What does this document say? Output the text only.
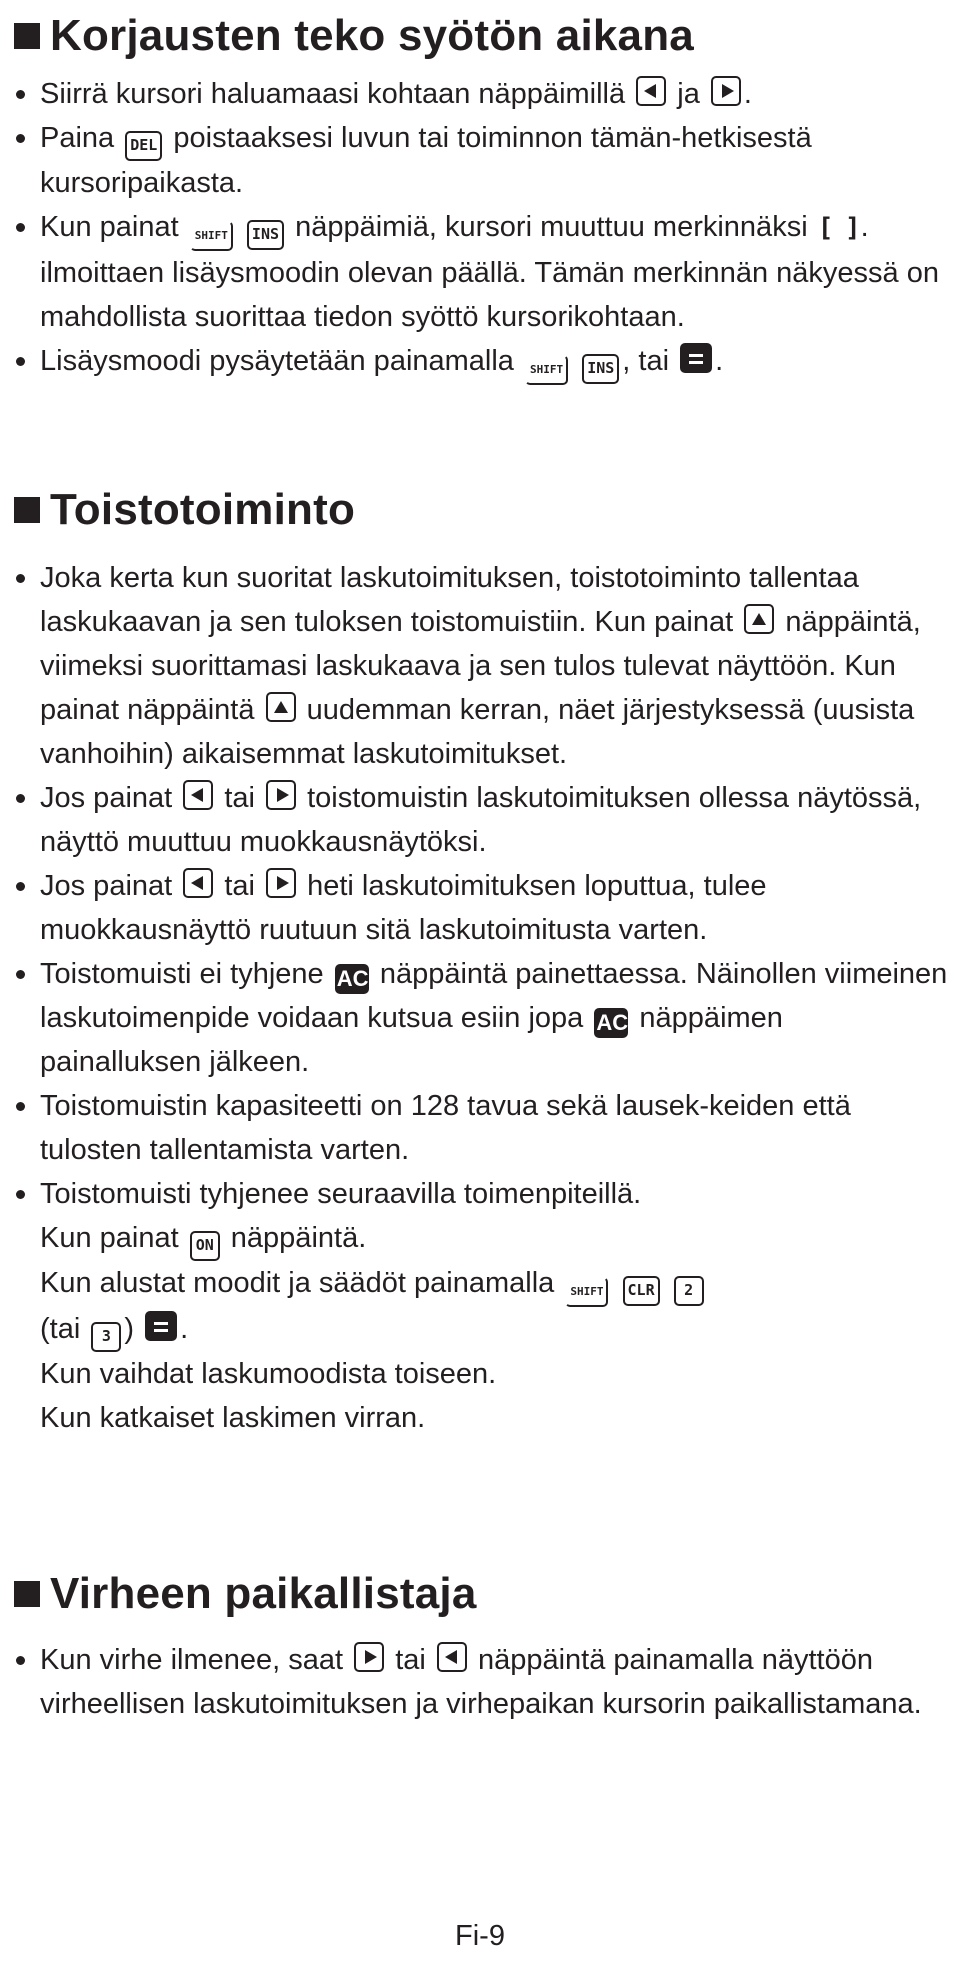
Korjausten teko syötön aikana
Siirrä kursori haluamaasi kohtaan näppäimillä ja .
Paina DEL poistaaksesi luvun tai toiminnon tämän-hetkisestä kursoripaikasta.
Kun painat SHIFT INS näppäimiä, kursori muuttuu merkinnäksi [ ]. ilmoittaen lisäysmoodin olevan päällä. Tämän merkinnän näkyessä on mahdollista suorittaa tiedon syöttö kursorikohtaan.
Lisäysmoodi pysäytetään painamalla SHIFT INS , tai .
Toistotoiminto
Joka kerta kun suoritat laskutoimituksen, toistotoiminto tallentaa laskukaavan ja sen tuloksen toistomuistiin. Kun painat näppäintä, viimeksi suorittamasi laskukaava ja sen tulos tulevat näyttöön. Kun painat näppäintä uudemman kerran, näet järjestyksessä (uusista vanhoihin) aikaisemmat laskutoimitukset.
Jos painat tai toistomuistin laskutoimituksen ollessa näytössä, näyttö muuttuu muokkausnäytöksi.
Jos painat tai heti laskutoimituksen loputtua, tulee muokkausnäyttö ruutuun sitä laskutoimitusta varten.
Toistomuisti ei tyhjene AC näppäintä painettaessa. Näinollen viimeinen laskutoimenpide voidaan kutsua esiin jopa AC näppäimen painalluksen jälkeen.
Toistomuistin kapasiteetti on 128 tavua sekä lausek-keiden että tulosten tallentamista varten.
Toistomuisti tyhjenee seuraavilla toimenpiteillä.
Kun painat ON näppäintä.
Kun alustat moodit ja säädöt painamalla SHIFT CLR 2
(tai 3 ) .
Kun vaihdat laskumoodista toiseen.
Kun katkaiset laskimen virran.
Virheen paikallistaja
Kun virhe ilmenee, saat tai näppäintä painamalla näyttöön virheellisen laskutoimituksen ja virhepaikan kursorin paikallistamana.
Fi-9
